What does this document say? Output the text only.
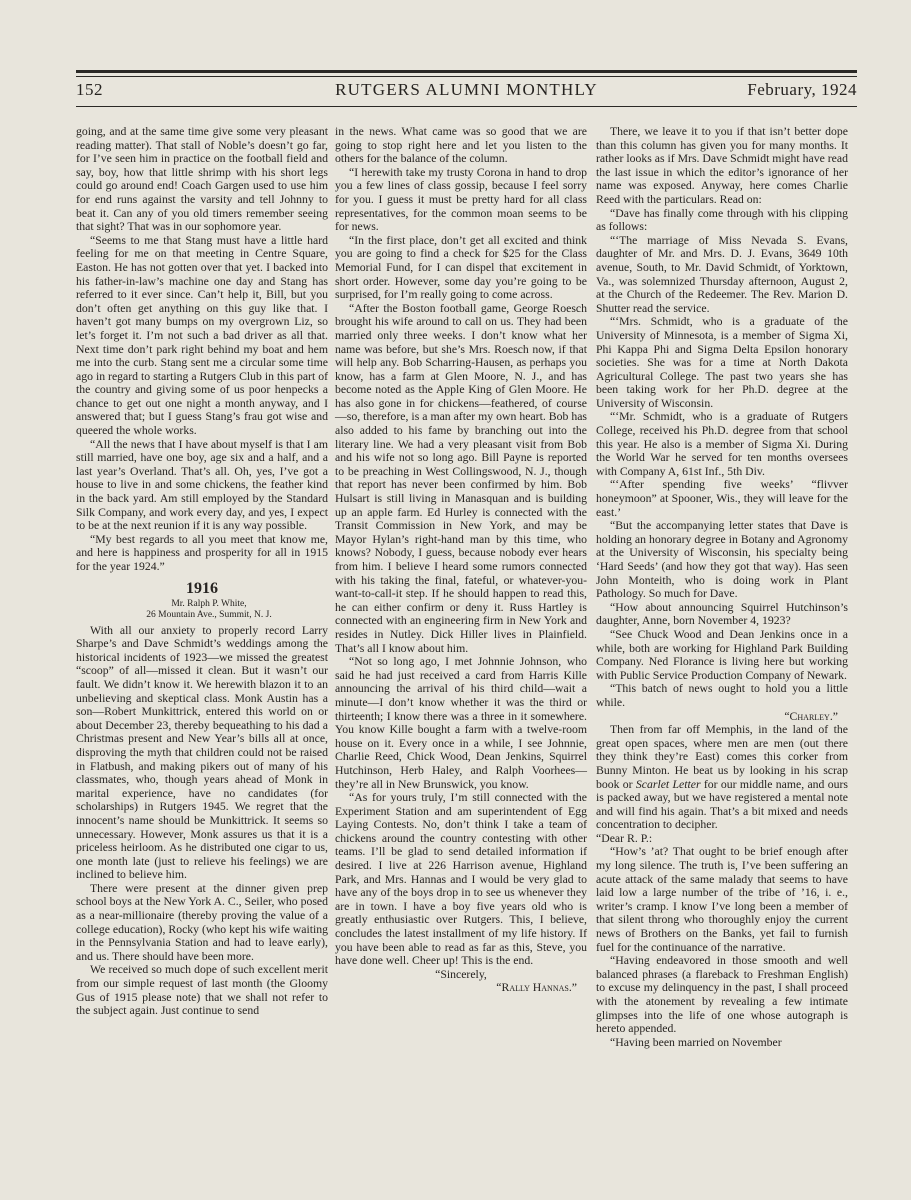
RUTGERS ALUMNI MONTHLY
152	February, 1924

going, and at the same time give some very pleasant reading matter). That stall of Noble’s doesn’t go far, for I’ve seen him in practice on the football field and say, boy, how that little shrimp with his short legs could go around end! Coach Gargen used to use him for end runs against the varsity and tell Johnny to beat it. Can any of you old timers remember seeing that sight? That was in our sophomore year.

“Seems to me that Stang must have a little hard feeling for me on that meeting in Centre Square, Easton. He has not gotten over that yet. I backed into his father-in-law’s machine one day and Stang has referred to it ever since. Can’t help it, Bill, but you don’t often get anything on this guy like that. I haven’t got many bumps on my overgrown Liz, so let’s forget it. I’m not such a bad driver as all that. Next time don’t park right behind my boat and hem me into the curb. Stang sent me a circular some time ago in regard to starting a Rutgers Club in this part of the country and giving some of us poor henpecks a chance to get out one night a month anyway, and I answered that; but I guess Stang’s frau got wise and queered the whole works.

“All the news that I have about myself is that I am still married, have one boy, age six and a half, and a last year’s Overland. That’s all. Oh, yes, I’ve got a house to live in and some chickens, the feather kind in the back yard. Am still employed by the Standard Silk Company, and work every day, and yes, I expect to be at the next reunion if it is any way possible.

“My best regards to all you meet that know me, and here is happiness and prosperity for all in 1915 for the year 1924.”

1916

Mr. Ralph P. White,

26 Mountain Ave., Summit, N. J.

With all our anxiety to properly record Larry Sharpe’s and Dave Schmidt’s weddings among the historical incidents of 1923—we missed the greatest “scoop” of all—missed it clean. But it wasn’t our fault. We didn’t know it. We herewith blazon it to an unbelieving and skeptical class. Monk Austin has a son—Robert Munkittrick, entered this world on or about December 23, thereby bequeathing to his dad a Christmas present and New Year’s bills all at once, disproving the myth that children could not be raised in Flatbush, and making pikers out of many of his classmates, who, though years ahead of Monk in marital experience, have no candidates (for scholarships) in Rutgers 1945. We regret that the innocent’s name should be Munkittrick. It seems so unnecessary. However, Monk assures us that it is a priceless heirloom. As he distributed one cigar to us, one month late (just to relieve his feelings) we are inclined to believe him.

There were present at the dinner given prep school boys at the New York A. C., Seiler, who posed as a near-millionaire (thereby proving the value of a college education), Rocky (who kept his wife waiting in the Pennsylvania Station and had to leave early), and us. There should have been more.

We received so much dope of such excellent merit from our simple request of last month (the Gloomy Gus of 1915 please note) that we shall not refer to the subject again. Just continue to send

in the news. What came was so good that we are going to stop right here and let you listen to the others for the balance of the column.

“I herewith take my trusty Corona in hand to drop you a few lines of class gossip, because I feel sorry for you. I guess it must be pretty hard for all class representatives, for the common moan seems to be for news.

“In the first place, don’t get all excited and think you are going to find a check for $25 for the Class Memorial Fund, for I can dispel that excitement in short order. However, some day you’re going to be surprised, for I’m really going to come across.

“After the Boston football game, George Roesch brought his wife around to call on us. They had been married only three weeks. I don’t know what her name was before, but she’s Mrs. Roesch now, if that will help any. Bob Scharring-Hausen, as perhaps you know, has a farm at Glen Moore, N. J., and has become noted as the Apple King of Glen Moore. He has also gone in for chickens—feathered, of course—so, therefore, is a man after my own heart. Bob has also added to his fame by branching out into the literary line. We had a very pleasant visit from Bob and his wife not so long ago. Bill Payne is reported to be preaching in West Collingswood, N. J., though that report has never been confirmed by him. Bob Hulsart is still living in Manasquan and is building up an apple farm. Ed Hurley is connected with the Transit Commission in New York, and may be Mayor Hylan’s right-hand man by this time, who knows? Nobody, I guess, because nobody ever hears from him. I believe I heard some rumors connected with his taking the final, fateful, or whatever-you-want-to-call-it step. If he should happen to read this, he can either confirm or deny it. Russ Hartley is connected with an engineering firm in New York and resides in Nutley. Dick Hiller lives in Plainfield. That’s all I know about him.

“Not so long ago, I met Johnnie Johnson, who said he had just received a card from Harris Kille announcing the arrival of his third child—wait a minute—I don’t know whether it was the third or thirteenth; I know there was a three in it somewhere. You know Kille bought a farm with a twelve-room house on it. Every once in a while, I see Johnnie, Charlie Reed, Chick Wood, Dean Jenkins, Squirrel Hutchinson, Herb Haley, and Ralph Voorhees—they’re all in New Brunswick, you know.

“As for yours truly, I’m still connected with the Experiment Station and am superintendent of Egg Laying Contests. No, don’t think I take a team of chickens around the country contesting with other teams. I’ll be glad to send detailed information if desired. I live at 226 Harrison avenue, Highland Park, and Mrs. Hannas and I would be very glad to have any of the boys drop in to see us whenever they are in town. I have a boy five years old who is greatly enthusiastic over Rutgers. This, I believe, concludes the latest installment of my life history. If you have been able to read as far as this, Steve, you have done well. Cheer up! This is the end.

“Sincerely,

“Rally Hannas.”

There, we leave it to you if that isn’t better dope than this column has given you for many months. It rather looks as if Mrs. Dave Schmidt might have read the last issue in which the editor’s ignorance of her name was exposed. Anyway, here comes Charlie Reed with the particulars. Read on:

“Dave has finally come through with his clipping as follows:

“‘The marriage of Miss Nevada S. Evans, daughter of Mr. and Mrs. D. J. Evans, 3649 10th avenue, South, to Mr. David Schmidt, of Yorktown, Va., was solemnized Thursday afternoon, August 2, at the Church of the Redeemer. The Rev. Marion D. Shutter read the service.

“‘Mrs. Schmidt, who is a graduate of the University of Minnesota, is a member of Sigma Xi, Phi Kappa Phi and Sigma Delta Epsilon honorary societies. She was for a time at North Dakota Agricultural College. The past two years she has been taking work for her Ph.D. degree at the University of Wisconsin.

“‘Mr. Schmidt, who is a graduate of Rutgers College, received his Ph.D. degree from that school this year. He also is a member of Sigma Xi. During the World War he served for ten months oversees with Company A, 61st Inf., 5th Div.

“‘After spending five weeks’ “flivver honeymoon” at Spooner, Wis., they will leave for the east.’

“But the accompanying letter states that Dave is holding an honorary degree in Botany and Agronomy at the University of Wisconsin, his specialty being ‘Hard Seeds’ (and how they got that way). Has seen John Monteith, who is doing work in Plant Pathology. So much for Dave.

“How about announcing Squirrel Hutchinson’s daughter, Anne, born November 4, 1923?

“See Chuck Wood and Dean Jenkins once in a while, both are working for Highland Park Building Company. Ned Florance is living here but working with Public Service Production Company of Newark.

“This batch of news ought to hold you a little while.

“Charley.”

Then from far off Memphis, in the land of the great open spaces, where men are men (out there they think they’re East) comes this corker from Bunny Minton. He beat us by looking in his scrap book or Scarlet Letter for our middle name, and ours is packed away, but we have registered a mental note and will find his again. That’s a bit mixed and needs concentration to decipher.

“Dear R. P.:

“How’s ’at? That ought to be brief enough after my long silence. The truth is, I’ve been suffering an acute attack of the same malady that seems to have laid low a large number of the tribe of ’16, i. e., writer’s cramp. I know I’ve long been a member of that silent throng who thoroughly enjoy the current news of Brothers on the Banks, yet fail to furnish fuel for the continuance of the narrative.

“Having endeavored in those smooth and well balanced phrases (a flareback to Freshman English) to excuse my delinquency in the past, I shall proceed with the atonement by revealing a few intimate glimpses into the life of one whose autograph is hereto appended.

“Having been married on November
